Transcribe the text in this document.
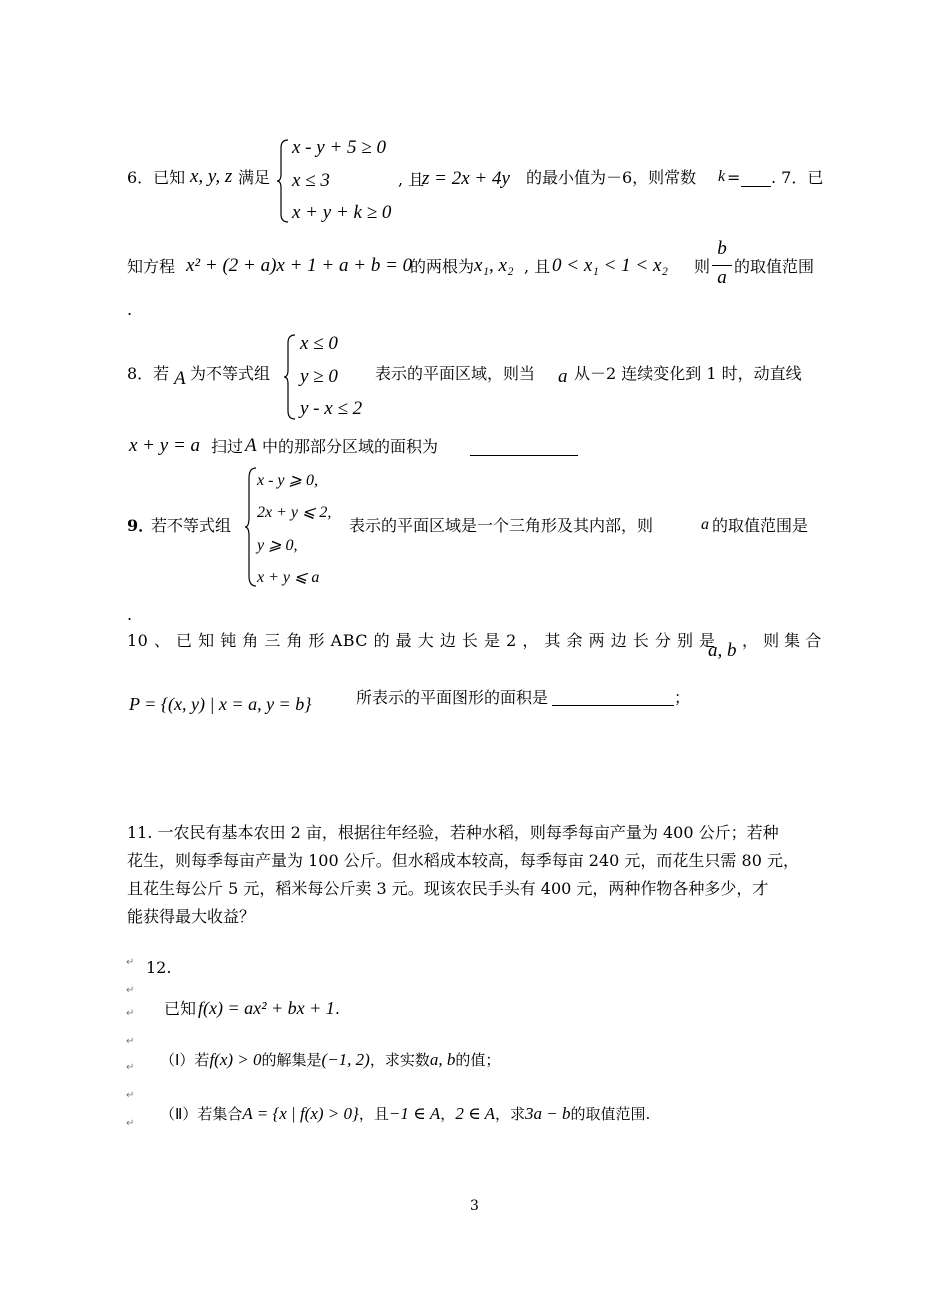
6．已知 x, y, z 满足
x - y + 5 ≥ 0
x ≤ 3
x + y + k ≥ 0
, 且
z = 2x + 4y 的最小值为－6，则常数 k = . 7．已
知方程 x² + (2 + a)x + 1 + a + b = 0
的两根为 x₁, x₂ , 且 0 < x₁ < 1 < x₂ 则
b
a
的取值范围
.
8．若 A 为不等式组
x ≤ 0
y ≥ 0
y - x ≤ 2
表示的平面区域，则当 a 从－2 连续变化到 1 时，动直线
x + y = a 扫过 A 中的那部分区域的面积为
9．
若不等式组
x - y ⩾ 0,
2x + y ⩽ 2,
y ⩾ 0,
x + y ⩽ a
表示的平面区域是一个三角形及其内部，则	a 的取值范围是
.
10 、 已 知 钝 角 三 角 形 ABC 的 最 大 边 长 是 2 ， 其 余 两 边 长 分 别 是
a, b ， 则 集 合
P = {(x, y) | x = a, y = b}	所表示的平面图形的面积是	；
11. 一农民有基本农田 2 亩，根据往年经验，若种水稻，则每季每亩产量为 400 公斤；若种
花生，则每季每亩产量为 100 公斤。但水稻成本较高，每季每亩 240 元，而花生只需 80 元，
且花生每公斤 5 元，稻米每公斤卖 3 元。现该农民手头有 400 元，两种作物各种多少，才
能获得最大收益？
↵ 12.
↵
↵
↵
↵
↵
↵
已知 f(x) = ax² + bx + 1.
（Ⅰ）若f(x) > 0的解集是(−1, 2)，求实数a, b的值；
（Ⅱ）若集合A = {x | f(x) > 0}，且−1 ∈ A，2 ∈ A，求3a − b的取值范围.
3
